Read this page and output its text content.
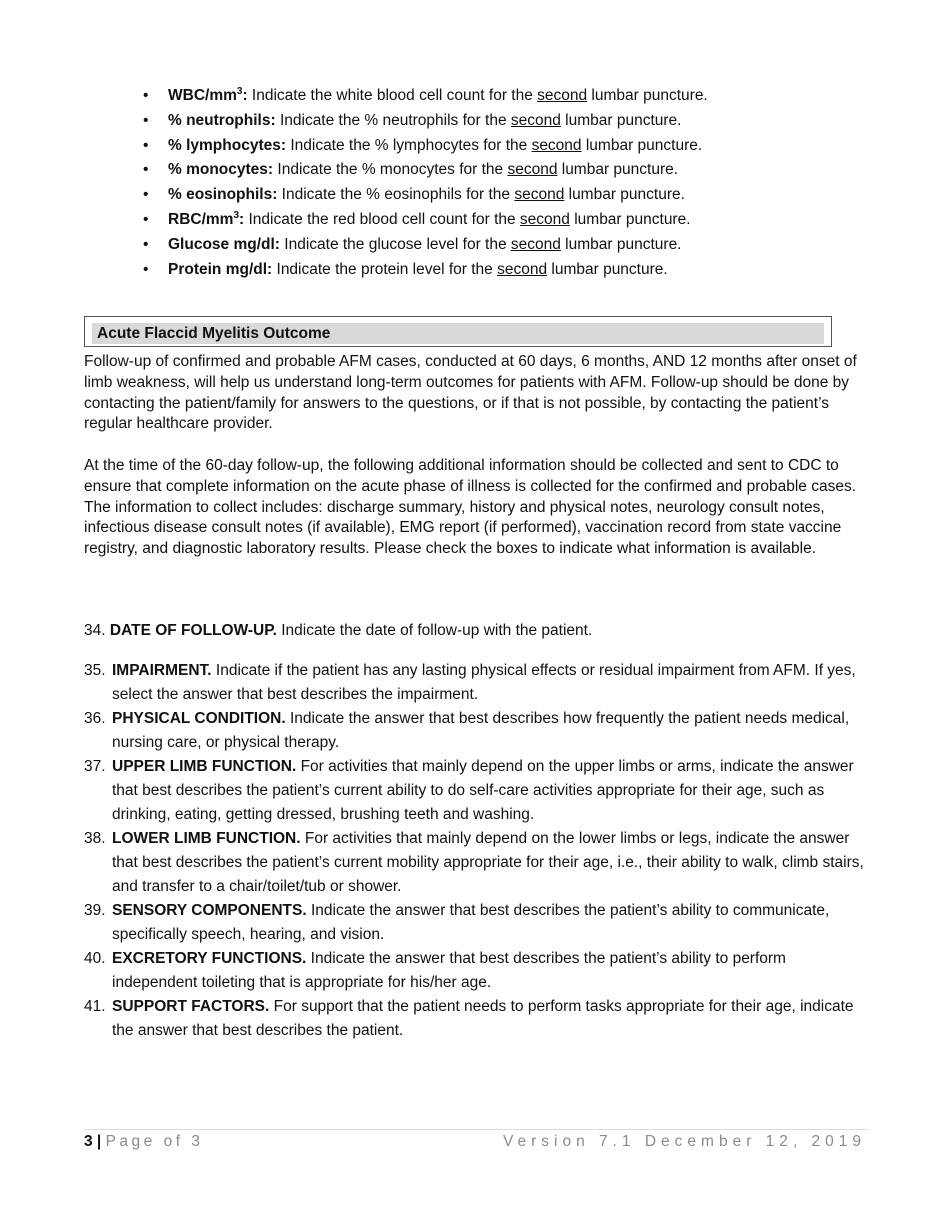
• WBC/$mm^3$: Indicate the white blood cell count for the second lumbar puncture.
• % neutrophils: Indicate the % neutrophils for the second lumbar puncture.
• % lymphocytes: Indicate the % lymphocytes for the second lumbar puncture.
• % monocytes: Indicate the % monocytes for the second lumbar puncture.
• % eosinophils: Indicate the % eosinophils for the second lumbar puncture.
• RBC/$mm^3$: Indicate the red blood cell count for the second lumbar puncture.
• Glucose mg/dl: Indicate the glucose level for the second lumbar puncture.
• Protein mg/dl: Indicate the protein level for the second lumbar puncture.
Acute Flaccid Myelitis Outcome

Follow-up of confirmed and probable AFM cases, conducted at 60 days, 6 months, AND 12 months after onset of limb weakness, will help us understand long-term outcomes for patients with AFM. Follow-up should be done by contacting the patient/family for answers to the questions, or if that is not possible, by contacting the patient’s regular healthcare provider.

At the time of the 60-day follow-up, the following additional information should be collected and sent to CDC to ensure that complete information on the acute phase of illness is collected for the confirmed and probable cases. The information to collect includes: discharge summary, history and physical notes, neurology consult notes, infectious disease consult notes (if available), EMG report (if performed), vaccination record from state vaccine registry, and diagnostic laboratory results. Please check the boxes to indicate what information is available.

34. DATE OF FOLLOW-UP. Indicate the date of follow-up with the patient.
35. IMPAIRMENT. Indicate if the patient has any lasting physical effects or residual impairment from AFM. If yes, select the answer that best describes the impairment.
36. PHYSICAL CONDITION. Indicate the answer that best describes how frequently the patient needs medical, nursing care, or physical therapy.
37. UPPER LIMB FUNCTION. For activities that mainly depend on the upper limbs or arms, indicate the answer that best describes the patient’s current ability to do self-care activities appropriate for their age, such as drinking, eating, getting dressed, brushing teeth and washing.
38. LOWER LIMB FUNCTION. For activities that mainly depend on the lower limbs or legs, indicate the answer that best describes the patient’s current mobility appropriate for their age, i.e., their ability to walk, climb stairs, and transfer to a chair/toilet/tub or shower.
39. SENSORY COMPONENTS. Indicate the answer that best describes the patient’s ability to communicate, specifically speech, hearing, and vision.
40. EXCRETORY FUNCTIONS. Indicate the answer that best describes the patient’s ability to perform independent toileting that is appropriate for his/her age.
41. SUPPORT FACTORS. For support that the patient needs to perform tasks appropriate for their age, indicate the answer that best describes the patient.
3 | Page of 3	Version 7.1 December 12, 2019
